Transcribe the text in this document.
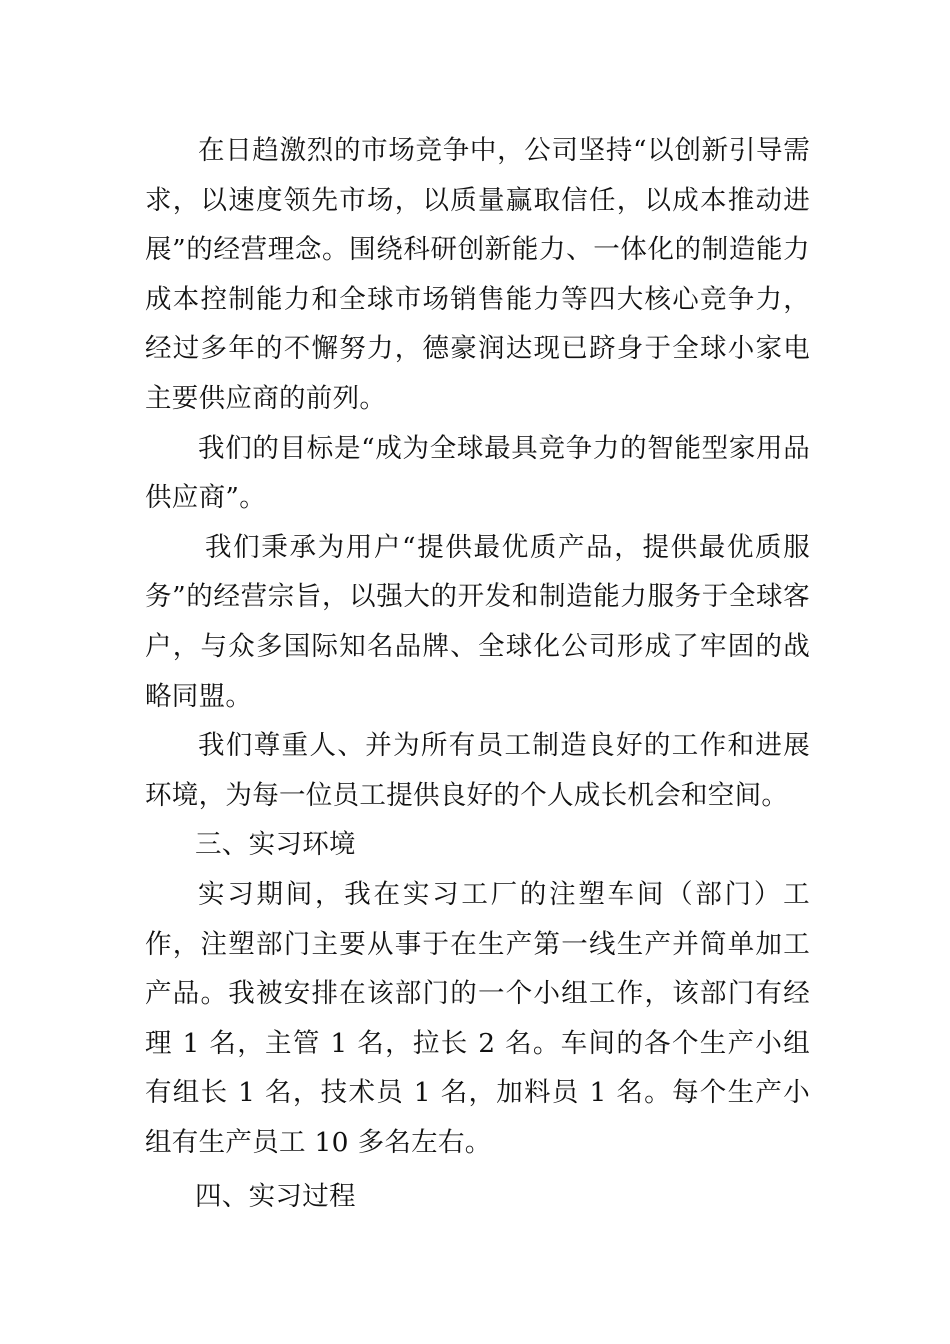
在日趋激烈的市场竞争中，公司坚持“以创新引导需求，以速度领先市场，以质量赢取信任，以成本推动进展”的经营理念。围绕科研创新能力、一体化的制造能力成本控制能力和全球市场销售能力等四大核心竞争力，经过多年的不懈努力，德豪润达现已跻身于全球小家电主要供应商的前列。

我们的目标是“成为全球最具竞争力的智能型家用品供应商”。

我们秉承为用户“提供最优质产品，提供最优质服务”的经营宗旨，以强大的开发和制造能力服务于全球客户，与众多国际知名品牌、全球化公司形成了牢固的战略同盟。

我们尊重人、并为所有员工制造良好的工作和进展环境，为每一位员工提供良好的个人成长机会和空间。

三、实习环境

实习期间，我在实习工厂的注塑车间（部门）工作，注塑部门主要从事于在生产第一线生产并简单加工产品。我被安排在该部门的一个小组工作，该部门有经理 1 名，主管 1 名，拉长 2 名。车间的各个生产小组有组长 1 名，技术员 1 名，加料员 1 名。每个生产小组有生产员工 10 多名左右。

四、实习过程
